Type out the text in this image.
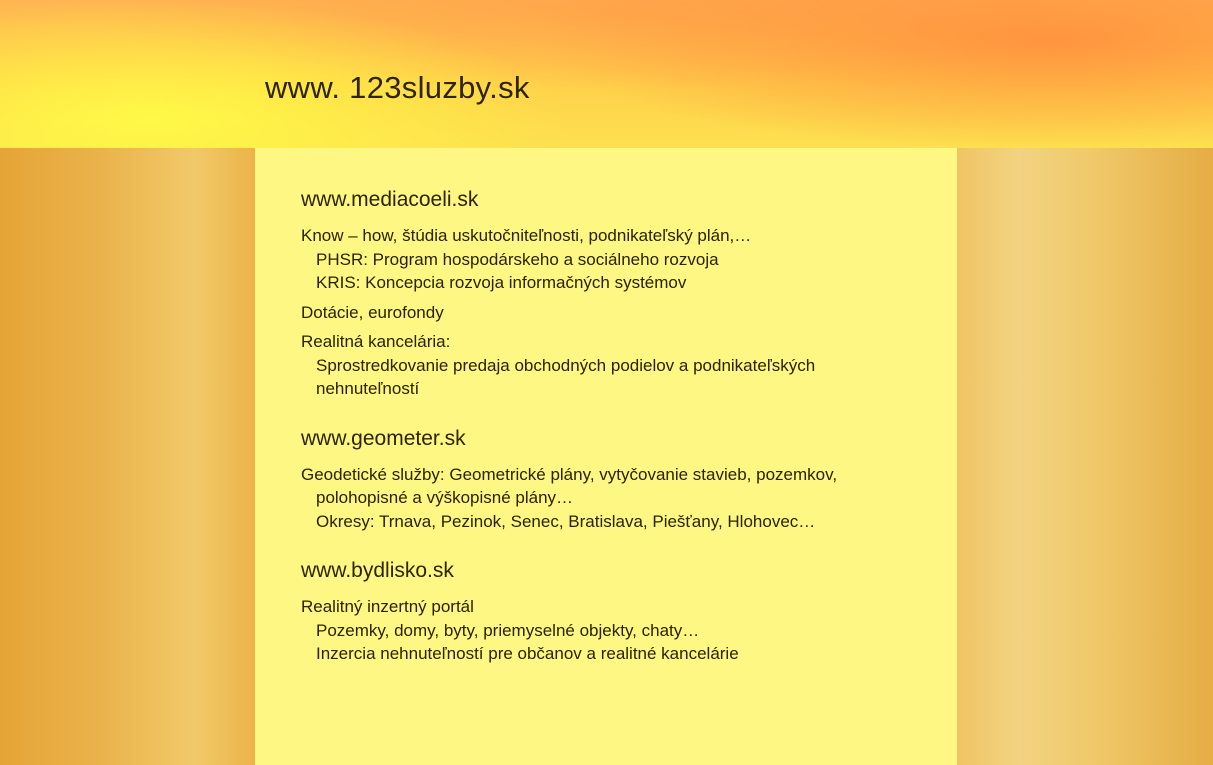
www. 123sluzby.sk
www.mediacoeli.sk
Know – how, štúdia uskutočniteľnosti, podnikateľský plán,…
PHSR: Program hospodárskeho a sociálneho rozvoja
KRIS: Koncepcia rozvoja informačných systémov
Dotácie, eurofondy
Realitná kancelária:
Sprostredkovanie predaja obchodných podielov a podnikateľských
nehnuteľností
www.geometer.sk
Geodetické služby: Geometrické plány, vytyčovanie stavieb, pozemkov,
polohopisné a výškopisné plány…
Okresy: Trnava, Pezinok, Senec, Bratislava, Piešťany, Hlohovec…
www.bydlisko.sk
Realitný inzertný portál
Pozemky, domy, byty, priemyselné objekty, chaty…
Inzercia nehnuteľností pre občanov a realitné kancelárie
